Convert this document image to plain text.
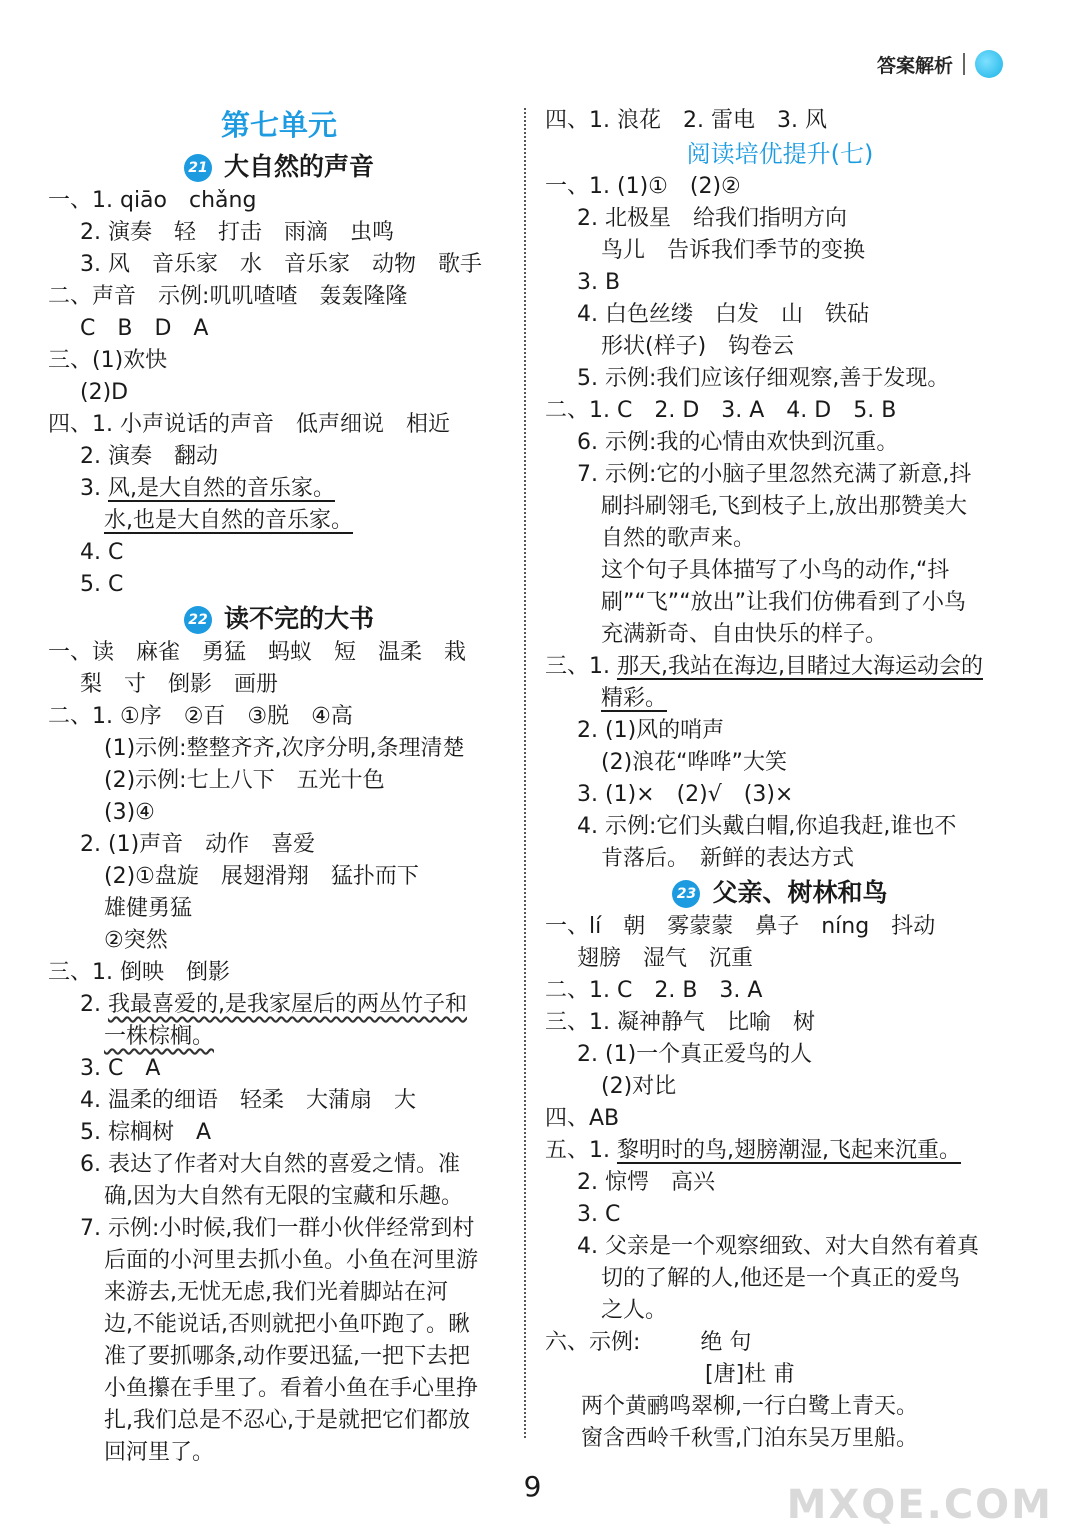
答案解析
第七单元
21 大自然的声音
一、1. qiāo　chǎng
2. 演奏　轻　打击　雨滴　虫鸣
3. 风　音乐家　水　音乐家　动物　歌手
二、声音　示例:叽叽喳喳　轰轰隆隆
C　B　D　A
三、(1)欢快
(2)D
四、1. 小声说话的声音　低声细说　相近
2. 演奏　翻动
3. 风,是大自然的音乐家。
水,也是大自然的音乐家。
4. C
5. C
22 读不完的大书
一、读　麻雀　勇猛　蚂蚁　短　温柔　栽
梨　寸　倒影　画册
二、1. ①序　②百　③脱　④高
(1)示例:整整齐齐,次序分明,条理清楚
(2)示例:七上八下　五光十色
(3)④
2. (1)声音　动作　喜爱
(2)①盘旋　展翅滑翔　猛扑而下
雄健勇猛
②突然
三、1. 倒映　倒影
2. 我最喜爱的,是我家屋后的两丛竹子和
一株棕榈。
3. C　A
4. 温柔的细语　轻柔　大蒲扇　大
5. 棕榈树　A
6. 表达了作者对大自然的喜爱之情。准
确,因为大自然有无限的宝藏和乐趣。
7. 示例:小时候,我们一群小伙伴经常到村
后面的小河里去抓小鱼。小鱼在河里游
来游去,无忧无虑,我们光着脚站在河
边,不能说话,否则就把小鱼吓跑了。瞅
准了要抓哪条,动作要迅猛,一把下去把
小鱼攥在手里了。看着小鱼在手心里挣
扎,我们总是不忍心,于是就把它们都放
回河里了。
四、1. 浪花　2. 雷电　3. 风
阅读培优提升(七)
一、1. (1)①　(2)②
2. 北极星　给我们指明方向
鸟儿　告诉我们季节的变换
3. B
4. 白色丝缕　白发　山　铁砧
形状(样子)　钩卷云
5. 示例:我们应该仔细观察,善于发现。
二、1. C　2. D　3. A　4. D　5. B
6. 示例:我的心情由欢快到沉重。
7. 示例:它的小脑子里忽然充满了新意,抖
刷抖刷翎毛,飞到枝子上,放出那赞美大
自然的歌声来。
这个句子具体描写了小鸟的动作,“抖
刷”“飞”“放出”让我们仿佛看到了小鸟
充满新奇、自由快乐的样子。
三、1. 那天,我站在海边,目睹过大海运动会的
精彩。
2. (1)风的哨声
(2)浪花“哗哗”大笑
3. (1)×　(2)√　(3)×
4. 示例:它们头戴白帽,你追我赶,谁也不
肯落后。　新鲜的表达方式
23 父亲、树林和鸟
一、lí　朝　雾蒙蒙　鼻子　níng　抖动
翅膀　湿气　沉重
二、1. C　2. B　3. A
三、1. 凝神静气　比喻　树
2. (1)一个真正爱鸟的人
(2)对比
四、AB
五、1. 黎明时的鸟,翅膀潮湿,飞起来沉重。
2. 惊愕　高兴
3. C
4. 父亲是一个观察细致、对大自然有着真
切的了解的人,他还是一个真正的爱鸟
之人。
六、示例:	绝 句
[唐]杜 甫
两个黄鹂鸣翠柳,一行白鹭上青天。
窗含西岭千秋雪,门泊东吴万里船。
9	MXQE.COM
